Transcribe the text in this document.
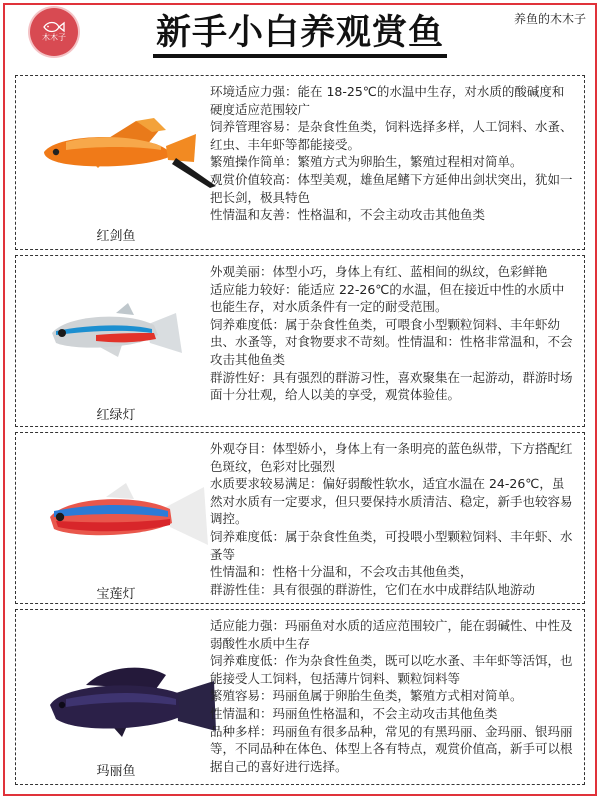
木木子	新手小白养观赏鱼	养鱼的木木子
红剑鱼

环境适应力强：能在 18-25℃的水温中生存，对水质的酸碱度和硬度适应范围较广

饲养管理容易：是杂食性鱼类，饲料选择多样，人工饲料、水蚤、红虫、丰年虾等都能接受。

繁殖操作简单：繁殖方式为卵胎生，繁殖过程相对简单。

观赏价值较高：体型美观，雄鱼尾鳍下方延伸出剑状突出，犹如一把长剑，极具特色

性情温和友善：性格温和，不会主动攻击其他鱼类

红绿灯

外观美丽：体型小巧，身体上有红、蓝相间的纵纹，色彩鲜艳

适应能力较好：能适应 22-26℃的水温，但在接近中性的水质中也能生存，对水质条件有一定的耐受范围。

饲养难度低：属于杂食性鱼类，可喂食小型颗粒饲料、丰年虾幼虫、水蚤等，对食物要求不苛刻。性情温和：性格非常温和，不会攻击其他鱼类

群游性好：具有强烈的群游习性，喜欢聚集在一起游动，群游时场面十分壮观，给人以美的享受，观赏体验佳。

宝莲灯

外观夺目：体型娇小，身体上有一条明亮的蓝色纵带，下方搭配红色斑纹，色彩对比强烈

水质要求较易满足：偏好弱酸性软水，适宜水温在 24-26℃，虽然对水质有一定要求，但只要保持水质清洁、稳定，新手也较容易调控。

饲养难度低：属于杂食性鱼类，可投喂小型颗粒饲料、丰年虾、水蚤等

性情温和：性格十分温和，不会攻击其他鱼类，

群游性佳：具有很强的群游性，它们在水中成群结队地游动

玛丽鱼

适应能力强：玛丽鱼对水质的适应范围较广，能在弱碱性、中性及弱酸性水质中生存

饲养难度低：作为杂食性鱼类，既可以吃水蚤、丰年虾等活饵，也能接受人工饲料，包括薄片饲料、颗粒饲料等

繁殖容易：玛丽鱼属于卵胎生鱼类，繁殖方式相对简单。

性情温和：玛丽鱼性格温和，不会主动攻击其他鱼类

品种多样：玛丽鱼有很多品种，常见的有黑玛丽、金玛丽、银玛丽等，不同品种在体色、体型上各有特点，观赏价值高，新手可以根据自己的喜好进行选择。
